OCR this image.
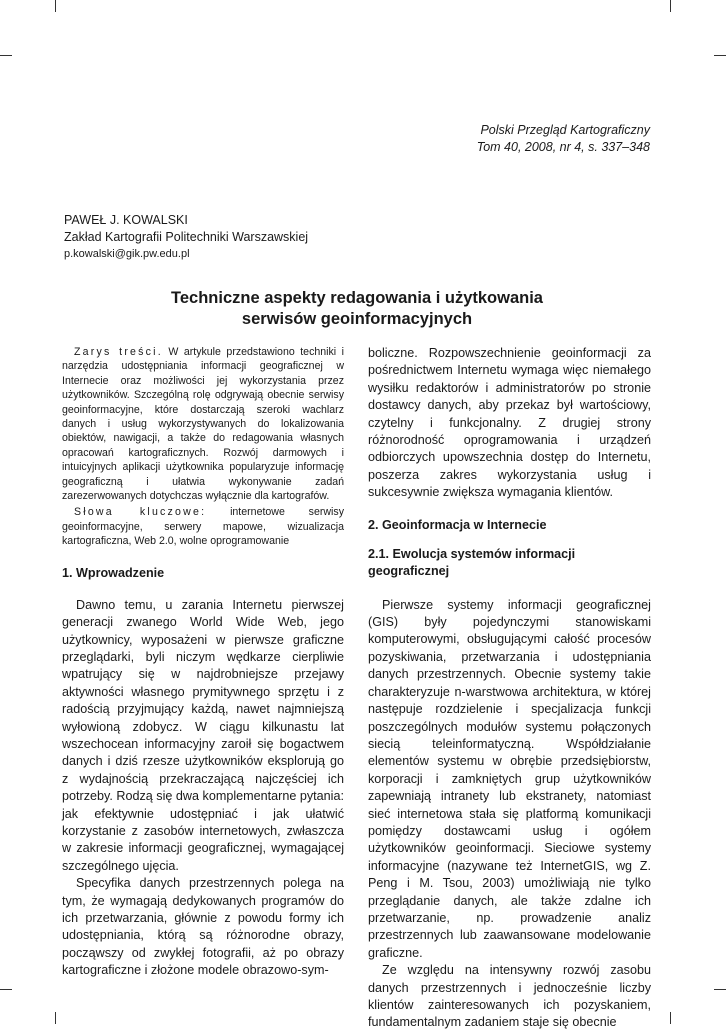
Polski Przegląd Kartograficzny
Tom 40, 2008, nr 4, s. 337–348
PAWEŁ J. KOWALSKI
Zakład Kartografii Politechniki Warszawskiej
p.kowalski@gik.pw.edu.pl
Techniczne aspekty redagowania i użytkowania
serwisów geoinformacyjnych

Zarys treści. W artykule przedstawiono techniki i narzędzia udostępniania informacji geograficznej w Internecie oraz możliwości jej wykorzystania przez użytkowników. Szczególną rolę odgrywają obecnie serwisy geoinformacyjne, które dostarczają szeroki wachlarz danych i usług wykorzystywanych do lokalizowania obiektów, nawigacji, a także do redagowania własnych opracowań kartograficznych. Rozwój darmowych i intuicyjnych aplikacji użytkownika popularyzuje informację geograficzną i ułatwia wykonywanie zadań zarezerwowanych dotychczas wyłącznie dla kartografów.

Słowa kluczowe: internetowe serwisy geoinformacyjne, serwery mapowe, wizualizacja kartograficzna, Web 2.0, wolne oprogramowanie

1. Wprowadzenie

Dawno temu, u zarania Internetu pierwszej generacji zwanego World Wide Web, jego użytkownicy, wyposażeni w pierwsze graficzne przeglądarki, byli niczym wędkarze cierpliwie wpatrujący się w najdrobniejsze przejawy aktywności własnego prymitywnego sprzętu i z radością przyjmujący każdą, nawet najmniejszą wyłowioną zdobycz. W ciągu kilkunastu lat wszechocean informacyjny zaroił się bogactwem danych i dziś rzesze użytkowników eksplorują go z wydajnością przekraczającą najczęściej ich potrzeby. Rodzą się dwa komplementarne pytania: jak efektywnie udostępniać i jak ułatwić korzystanie z zasobów internetowych, zwłaszcza w zakresie informacji geograficznej, wymagającej szczególnego ujęcia.

Specyfika danych przestrzennych polega na tym, że wymagają dedykowanych programów do ich przetwarzania, głównie z powodu formy ich udostępniania, którą są różnorodne obrazy, począwszy od zwykłej fotografii, aż po obrazy kartograficzne i złożone modele obrazowo-sym-

boliczne. Rozpowszechnienie geoinformacji za pośrednictwem Internetu wymaga więc niemałego wysiłku redaktorów i administratorów po stronie dostawcy danych, aby przekaz był wartościowy, czytelny i funkcjonalny. Z drugiej strony różnorodność oprogramowania i urządzeń odbiorczych upowszechnia dostęp do Internetu, poszerza zakres wykorzystania usług i sukcesywnie zwiększa wymagania klientów.

2. Geoinformacja w Internecie
2.1. Ewolucja systemów informacji geograficznej

Pierwsze systemy informacji geograficznej (GIS) były pojedynczymi stanowiskami komputerowymi, obsługującymi całość procesów pozyskiwania, przetwarzania i udostępniania danych przestrzennych. Obecnie systemy takie charakteryzuje n-warstwowa architektura, w której następuje rozdzielenie i specjalizacja funkcji poszczególnych modułów systemu połączonych siecią teleinformatyczną. Współdziałanie elementów systemu w obrębie przedsiębiorstw, korporacji i zamkniętych grup użytkowników zapewniają intranety lub ekstranety, natomiast sieć internetowa stała się platformą komunikacji pomiędzy dostawcami usług i ogółem użytkowników geoinformacji. Sieciowe systemy informacyjne (nazywane też InternetGIS, wg Z. Peng i M. Tsou, 2003) umożliwiają nie tylko przeglądanie danych, ale także zdalne ich przetwarzanie, np. prowadzenie analiz przestrzennych lub zaawansowane modelowanie graficzne.

Ze względu na intensywny rozwój zasobu danych przestrzennych i jednocześnie liczby klientów zainteresowanych ich pozyskaniem, fundamentalnym zadaniem staje się obecnie
